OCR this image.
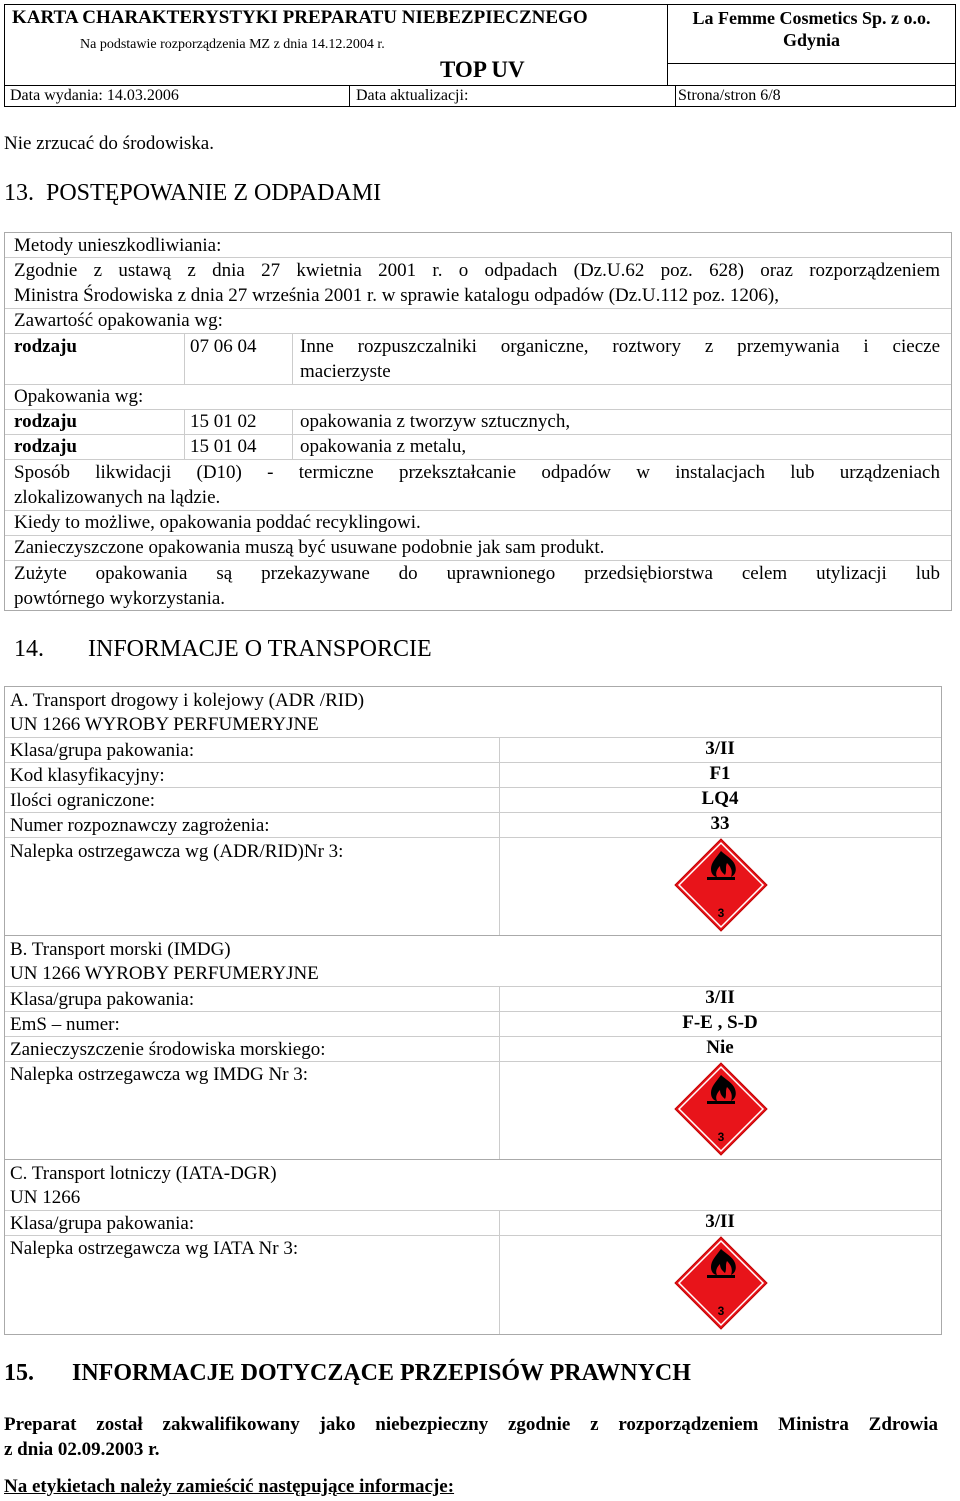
KARTA CHARAKTERYSTYKI PREPARATU NIEBEZPIECZNEGO
Na podstawie rozporządzenia MZ z dnia 14.12.2004 r.
TOP UV
La Femme Cosmetics Sp. z o.o.
Gdynia
Data wydania: 14.03.2006	Data aktualizacji:	Strona/stron 6/8
Nie zrzucać do środowiska.
13. POSTĘPOWANIE Z ODPADAMI
Metody unieszkodliwiania:
Zgodnie z ustawą z dnia 27 kwietnia 2001 r. o odpadach (Dz.U.62 poz. 628) oraz rozporządzeniem
Ministra Środowiska z dnia 27 września 2001 r. w sprawie katalogu odpadów (Dz.U.112 poz. 1206),
Zawartość opakowania wg:
rodzaju	07 06 04 Inne rozpuszczalniki organiczne, roztwory z przemywania i ciecze
macierzyste
Opakowania wg:
rodzaju	15 01 02 opakowania z tworzyw sztucznych,
rodzaju	15 01 04 opakowania z metalu,
Sposób likwidacji (D10) - termiczne przekształcanie odpadów w instalacjach lub urządzeniach
zlokalizowanych na lądzie.
Kiedy to możliwe, opakowania poddać recyklingowi.
Zanieczyszczone opakowania muszą być usuwane podobnie jak sam produkt.
Zużyte opakowania są przekazywane do uprawnionego przedsiębiorstwa celem utylizacji lub
powtórnego wykorzystania.
14. INFORMACJE O TRANSPORCIE
A. Transport drogowy i kolejowy (ADR /RID)
UN 1266 WYROBY PERFUMERYJNE
Klasa/grupa pakowania:	3/II
Kod klasyfikacyjny:	F1
Ilości ograniczone:	LQ4
Numer rozpoznawczy zagrożenia:	33
Nalepka ostrzegawcza wg (ADR/RID)Nr 3:
3
B. Transport morski (IMDG)
UN 1266 WYROBY PERFUMERYJNE
Klasa/grupa pakowania:	3/II
EmS – numer:	F-E , S-D
Zanieczyszczenie środowiska morskiego:	Nie
Nalepka ostrzegawcza wg IMDG Nr 3:
3
C. Transport lotniczy (IATA-DGR)
UN 1266
Klasa/grupa pakowania:	3/II
Nalepka ostrzegawcza wg IATA Nr 3:
3
15. INFORMACJE DOTYCZĄCE PRZEPISÓW PRAWNYCH
Preparat został zakwalifikowany jako niebezpieczny zgodnie z rozporządzeniem Ministra Zdrowia
z dnia 02.09.2003 r.
Na etykietach należy zamieścić następujące informacje:
